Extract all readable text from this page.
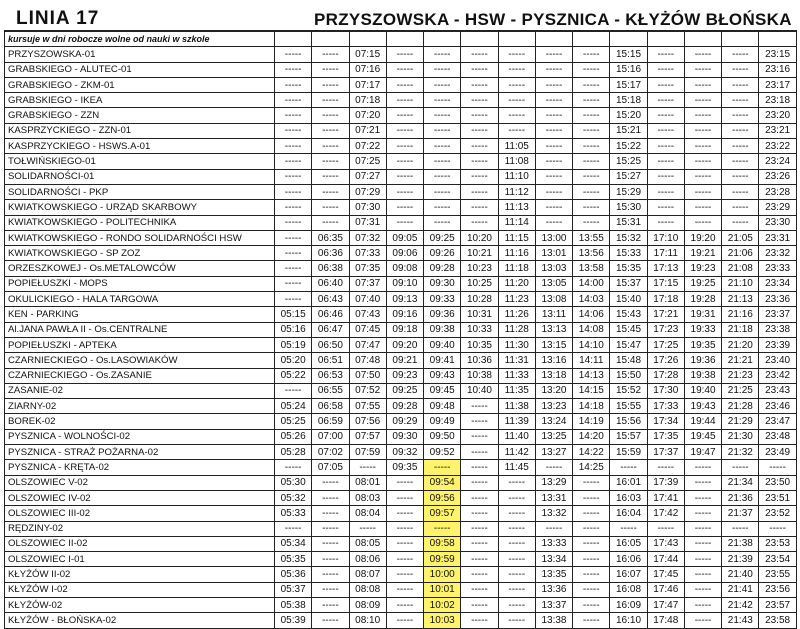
LINIA 17	PRZYSZOWSKA - HSW - PYSZNICA - KŁYŻÓW BŁOŃSKA
kursuje w dni robocze wolne od nauki w szkole														
PRZYSZOWSKA-01	-----	-----	07:15	-----	-----	-----	-----	-----	-----	15:15	-----	-----	-----	23:15
GRABSKIEGO - ALUTEC-01	-----	-----	07:16	-----	-----	-----	-----	-----	-----	15:16	-----	-----	-----	23:16
GRABSKIEGO - ZKM-01	-----	-----	07:17	-----	-----	-----	-----	-----	-----	15:17	-----	-----	-----	23:17
GRABSKIEGO - IKEA	-----	-----	07:18	-----	-----	-----	-----	-----	-----	15:18	-----	-----	-----	23:18
GRABSKIEGO - ZZN	-----	-----	07:20	-----	-----	-----	-----	-----	-----	15:20	-----	-----	-----	23:20
KASPRZYCKIEGO - ZZN-01	-----	-----	07:21	-----	-----	-----	-----	-----	-----	15:21	-----	-----	-----	23:21
KASPRZYCKIEGO - HSWS.A-01	-----	-----	07:22	-----	-----	-----	11:05	-----	-----	15:22	-----	-----	-----	23:22
TOŁWIŃSKIEGO-01	-----	-----	07:25	-----	-----	-----	11:08	-----	-----	15:25	-----	-----	-----	23:24
SOLIDARNOŚCI-01	-----	-----	07:27	-----	-----	-----	11:10	-----	-----	15:27	-----	-----	-----	23:26
SOLIDARNOŚCI - PKP	-----	-----	07:29	-----	-----	-----	11:12	-----	-----	15:29	-----	-----	-----	23:28
KWIATKOWSKIEGO - URZĄD SKARBOWY	-----	-----	07:30	-----	-----	-----	11:13	-----	-----	15:30	-----	-----	-----	23:29
KWIATKOWSKIEGO - POLITECHNIKA	-----	-----	07:31	-----	-----	-----	11:14	-----	-----	15:31	-----	-----	-----	23:30
KWIATKOWSKIEGO - RONDO SOLIDARNOŚCI HSW	-----	06:35	07:32	09:05	09:25	10:20	11:15	13:00	13:55	15:32	17:10	19:20	21:05	23:31
KWIATKOWSKIEGO - SP ZOZ	-----	06:36	07:33	09:06	09:26	10:21	11:16	13:01	13:56	15:33	17:11	19:21	21:06	23:32
ORZESZKOWEJ - Os.METALOWCÓW	-----	06:38	07:35	09:08	09:28	10:23	11:18	13:03	13:58	15:35	17:13	19:23	21:08	23:33
POPIEŁUSZKI - MOPS	-----	06:40	07:37	09:10	09:30	10:25	11:20	13:05	14:00	15:37	17:15	19:25	21:10	23:34
OKULICKIEGO - HALA TARGOWA	-----	06:43	07:40	09:13	09:33	10:28	11:23	13:08	14:03	15:40	17:18	19:28	21:13	23:36
KEN - PARKING	05:15	06:46	07:43	09:16	09:36	10:31	11:26	13:11	14:06	15:43	17:21	19:31	21:16	23:37
Al.JANA PAWŁA II - Os.CENTRALNE	05:16	06:47	07:45	09:18	09:38	10:33	11:28	13:13	14:08	15:45	17:23	19:33	21:18	23:38
POPIEŁUSZKI - APTEKA	05:19	06:50	07:47	09:20	09:40	10:35	11:30	13:15	14:10	15:47	17:25	19:35	21:20	23:39
CZARNIECKIEGO - Os.LASOWIAKÓW	05:20	06:51	07:48	09:21	09:41	10:36	11:31	13:16	14:11	15:48	17:26	19:36	21:21	23:40
CZARNIECKIEGO - Os.ZASANIE	05:22	06:53	07:50	09:23	09:43	10:38	11:33	13:18	14:13	15:50	17:28	19:38	21:23	23:42
ZASANIE-02	-----	06:55	07:52	09:25	09:45	10:40	11:35	13:20	14:15	15:52	17:30	19:40	21:25	23:43
ZIARNY-02	05:24	06:58	07:55	09:28	09:48	-----	11:38	13:23	14:18	15:55	17:33	19:43	21:28	23:46
BOREK-02	05:25	06:59	07:56	09:29	09:49	-----	11:39	13:24	14:19	15:56	17:34	19:44	21:29	23:47
PYSZNICA - WOLNOŚCI-02	05:26	07:00	07:57	09:30	09:50	-----	11:40	13:25	14:20	15:57	17:35	19:45	21:30	23:48
PYSZNICA - STRAŻ POŻARNA-02	05:28	07:02	07:59	09:32	09:52	-----	11:42	13:27	14:22	15:59	17:37	19:47	21:32	23:49
PYSZNICA - KRĘTA-02	-----	07:05	-----	09:35	-----	-----	11:45	-----	14:25	-----	-----	-----	-----	-----
OLSZOWIEC V-02	05:30	-----	08:01	-----	09:54	-----	-----	13:29	-----	16:01	17:39	-----	21:34	23:50
OLSZOWIEC IV-02	05:32	-----	08:03	-----	09:56	-----	-----	13:31	-----	16:03	17:41	-----	21:36	23:51
OLSZOWIEC III-02	05:33	-----	08:04	-----	09:57	-----	-----	13:32	-----	16:04	17:42	-----	21:37	23:52
RĘDZINY-02	-----	-----	-----	-----	-----	-----	-----	-----	-----	-----	-----	-----	-----	-----
OLSZOWIEC II-02	05:34	-----	08:05	-----	09:58	-----	-----	13:33	-----	16:05	17:43	-----	21:38	23:53
OLSZOWIEC I-01	05:35	-----	08:06	-----	09:59	-----	-----	13:34	-----	16:06	17:44	-----	21:39	23:54
KŁYŻÓW II-02	05:36	-----	08:07	-----	10:00	-----	-----	13:35	-----	16:07	17:45	-----	21:40	23:55
KŁYŻÓW I-02	05:37	-----	08:08	-----	10:01	-----	-----	13:36	-----	16:08	17:46	-----	21:41	23:56
KŁYŻÓW-02	05:38	-----	08:09	-----	10:02	-----	-----	13:37	-----	16:09	17:47	-----	21:42	23:57
KŁYŻÓW - BŁOŃSKA-02	05:39	-----	08:10	-----	10:03	-----	-----	13:38	-----	16:10	17:48	-----	21:43	23:58
